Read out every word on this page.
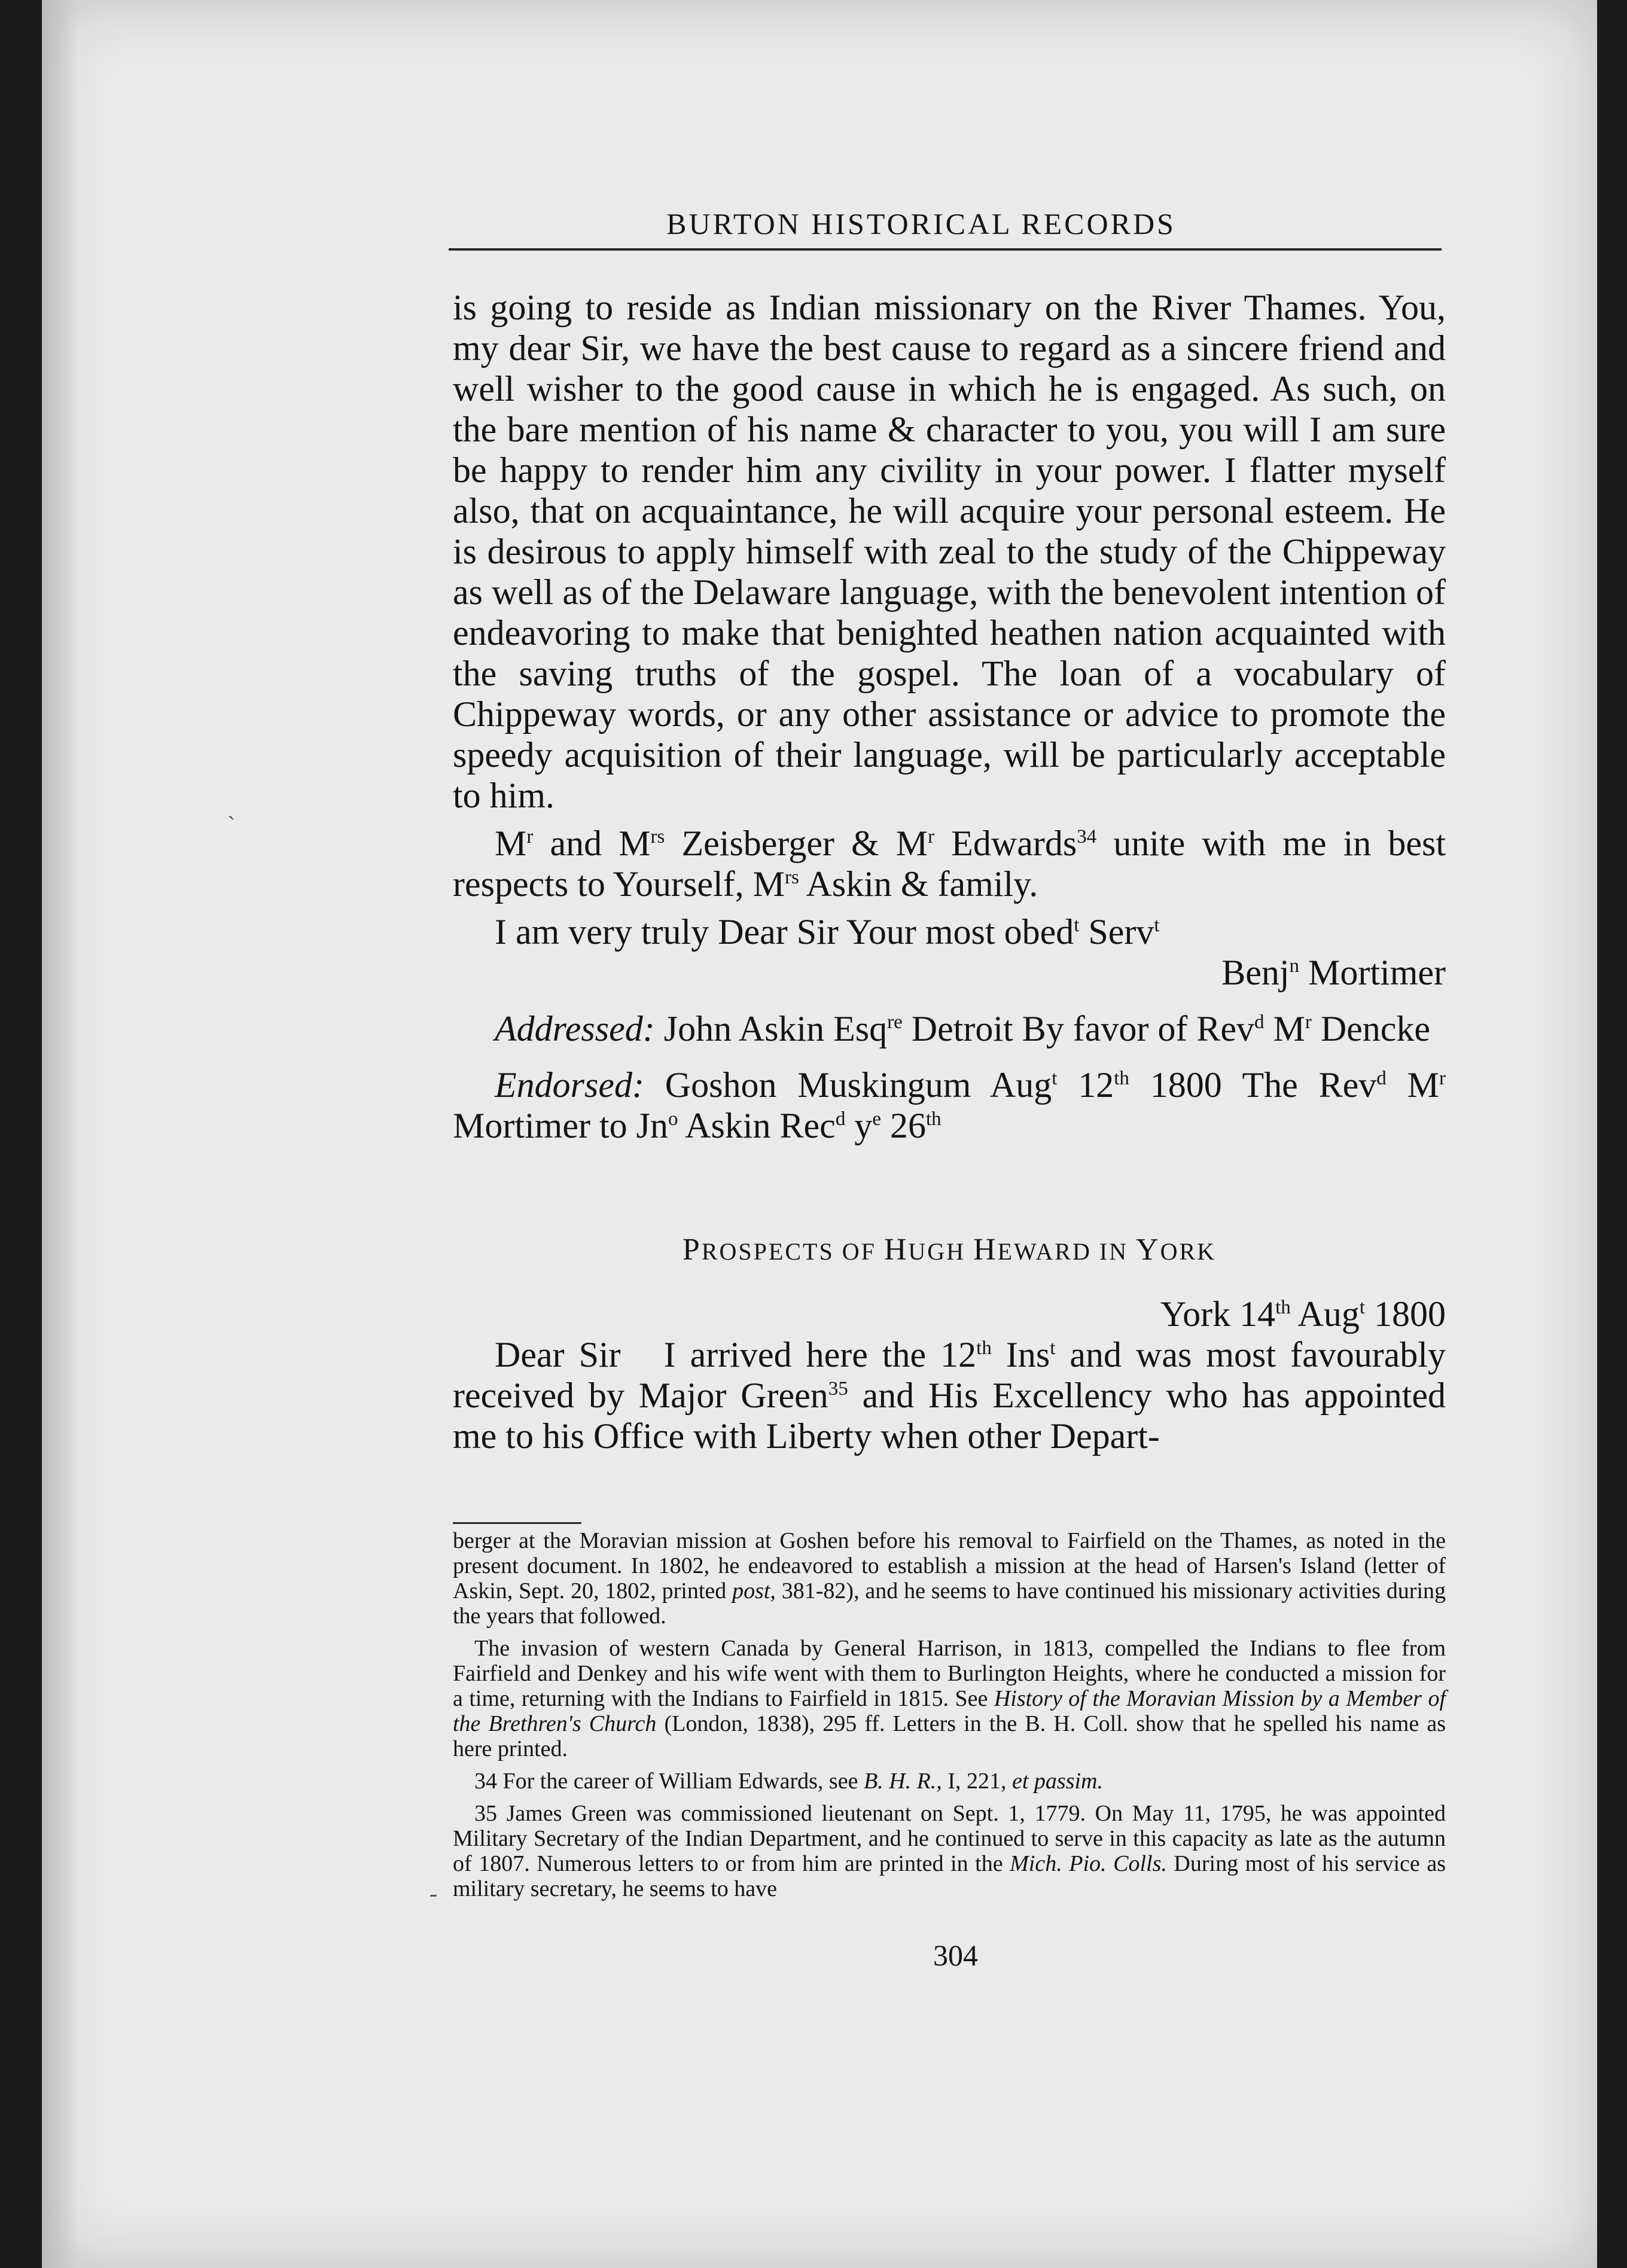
BURTON HISTORICAL RECORDS
ˎ

is going to reside as Indian missionary on the River Thames. You, my dear Sir, we have the best cause to regard as a sincere friend and well wisher to the good cause in which he is engaged. As such, on the bare mention of his name & character to you, you will I am sure be happy to render him any civility in your power. I flatter myself also, that on acquaintance, he will acquire your personal esteem. He is desirous to apply himself with zeal to the study of the Chippeway as well as of the Delaware language, with the benevolent intention of endeavoring to make that benighted heathen nation acquainted with the saving truths of the gospel. The loan of a vocabulary of Chippeway words, or any other assistance or advice to promote the speedy acquisition of their language, will be particularly acceptable to him.

$M^r$ and $M^{rs}$ Zeisberger & $M^r$ Edwards$^{34}$ unite with me in best respects to Yourself, $M^{rs}$ Askin & family.

I am very truly Dear Sir Your most obed$^t$ Serv$^t$

Benj$^n$ Mortimer

Addressed: John Askin Esq$^{re}$ Detroit By favor of Rev$^d$ $M^r$ Dencke

Endorsed: Goshon Muskingum Aug$^t$ 12th 1800 The Rev$^d$ $M^r$ Mortimer to Jn$^o$ Askin Rec$^d$ $y^e$ 26th

PROSPECTS OF HUGH HEWARD IN YORK

York 14th Aug$^t$ 1800

Dear Sir   I arrived here the 12th Ins$^t$ and was most favourably received by Major Green$^{35}$ and His Excellency who has appointed me to his Office with Liberty when other Depart-

berger at the Moravian mission at Goshen before his removal to Fairfield on the Thames, as noted in the present document. In 1802, he endeavored to establish a mission at the head of Harsen's Island (letter of Askin, Sept. 20, 1802, printed post, 381-82), and he seems to have continued his missionary activities during the years that followed.

The invasion of western Canada by General Harrison, in 1813, compelled the Indians to flee from Fairfield and Denkey and his wife went with them to Burlington Heights, where he conducted a mission for a time, returning with the Indians to Fairfield in 1815. See History of the Moravian Mission by a Member of the Brethren's Church (London, 1838), 295 ff. Letters in the B. H. Coll. show that he spelled his name as here printed.

34 For the career of William Edwards, see B. H. R., I, 221, et passim.

35 James Green was commissioned lieutenant on Sept. 1, 1779. On May 11, 1795, he was appointed Military Secretary of the Indian Department, and he continued to serve in this capacity as late as the autumn of 1807. Numerous letters to or from him are printed in the Mich. Pio. Colls. During most of his service as military secretary, he seems to have

-
304
